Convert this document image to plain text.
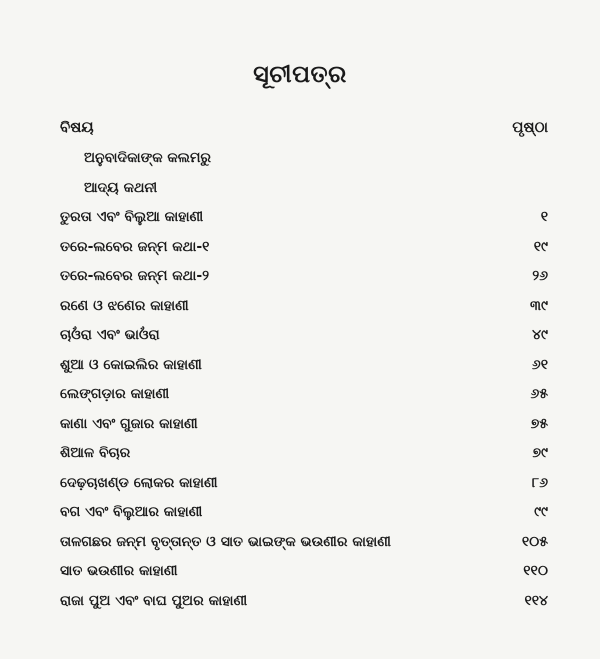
ସୂଚୀପତ୍ର
ବିଷୟ	ପୃଷ୍ଠା
ଅନୁବାଦିକାଙ୍କ କଲମରୁ
ଆଦ୍ୟ କଥନୀ
ତୁରତା ଏବଂ ବିଲୁଆ କାହାଣୀ	୧
ତରେ-ଲବେର ଜନ୍ମ କଥା-୧	୧୯
ତରେ-ଲବେର ଜନ୍ମ କଥା-୨	୨୬
ରଣେ ଓ ଝଣେର କାହାଣୀ	୩୯
ଚାଓଁରା ଏବଂ ଭାଓଁରା	୪୯
ଶୁଆ ଓ କୋଇଲିର କାହାଣୀ	୬୧
ଲେଙ୍ଗଡ଼ାର କାହାଣୀ	୬୫
କାଣା ଏବଂ ଗୁଜାର କାହାଣୀ	୭୫
ଶିଆଳ ବିଚାର	୭୯
ଦେଢ଼ଚାଖଣ୍ଡ ଲୋକର କାହାଣୀ	୮୬
ବଗ ଏବଂ ବିଲୁଆର କାହାଣୀ	୯୯
ତାଳଗଛର ଜନ୍ମ ବୃତ୍ତାନ୍ତ ଓ ସାତ ଭାଇଙ୍କ ଭଉଣୀର କାହାଣୀ	୧୦୫
ସାତ ଭଉଣୀର କାହାଣୀ	୧୧୦
ରାଜା ପୁଅ ଏବଂ ବାଘ ପୁଅର କାହାଣୀ	୧୧୪
